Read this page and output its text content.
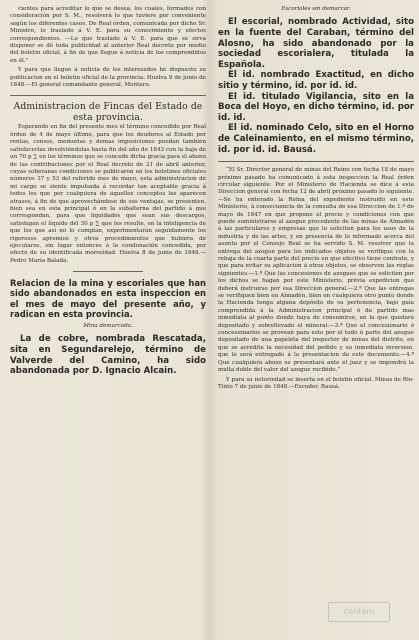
cientes para acreditar lo que se desea, los cuales, formados con consideración por S. M., resolverá lo que tuviere por conveniente según los diferentes casos. De Real órden, comunicada por dicho Sr. Ministro, lo traslado á V. E. para su conocimiento y efectos correspondientes. —Lo que traslado á V. E. para que se sirva disponer se dé toda publicidad al anterior Real decreto por medio del boletin oficial, á fin de que llegue á noticia de los comprendidos en él.”

Y para que llegue á noticia de los interesados he dispuesto su publicacion en el boletin oficial de la provincia. Huelva 9 de junio de 1848.—El general comandante general, Montero.

Administracion de Fincas del Estado de esta provincia.

Esperando en fin del presente mes el término concedido por Real órden de 4 de mayo último, para que los deudores al Estado por rentas, censos, memorias y demas imposiciones puedan también satisfacerlas devolviéndolas hasta fin del año de 1843 con la baja de un 70 p ∑ en los términos que se concede dicha gracia para el abono de las contribuciones por el Real decreto de 21 de abril anterior, cuyas soberanas condiciones se publicaron en los boletines oficiales números 37 y 53 del referido mes de mayo, esta administracion de mi cargo se siente impulsada á recordar tan aceptable gracia á todos los que por cualquiera de aquellos conceptos les aparecen atrasos, á fin de que aprovechándose de sus ventajas, se presenten, bien sea en esta principal ó en la subalterna del partido á que correspondan, para que liquidados que sean sus descargos, satisfagan el líquido del 30 p ∑ que les resulte, en la inteligencia de que los que así no lo cumplan, experimentarán seguidamente los rigorosos apremios y otros procedimientos que hubiera de ejecutarse, sin lugar entonces á la condonación concedida, por efecto de su identificada morosidad. Huelva 8 de junio de 1848.—Pedro Maria Balada.

Relacion de la mina y escoriales que han sido abandonados en esta inspeccion en el mes de mayo del presente año, y radican en esta provincia.
Mina demarcada.

La de cobre, nombrada Rescatada, sita en Segundarelejo, término de Valverde del Camino, ha sido abandonada por D. Ignacio Alcain.

Escoriales sin demarcar.

El escorial, nombrado Actividad, sito en la fuente del Caraban, término del Alosno, ha sido abandonado por la sociedad escorialera, titulada la Española.

El id. nombrado Exactitud, en dicho sitio y término, id. por id. id.

El id. titulado Vigilancia, sito en la Boca del Hoyo, en dicho término, id. por id. id.

El id. nominado Celo, sito en el Horno de Caleinamiento, en el mismo término, id. por id. id. Bausá.

“El Sr. Director general de minas del Reino con fecha 18 de mayo próximo pasado ha comunicado á esta inspeccion la Real órden circular siguiente: Por el Ministerio de Hacienda se dice á esta Direccion general con fecha 12 de abril próximo pasado lo siguiente.—Se ha enterado la Reina del expediente instruido en este Ministerio, á consecuencia de la consulta de esa Direccion de 1.º de mayo de 1847 en que propone el precio y condiciones con que puede suministrarse al azogue procedente de las minas de Almadén á las particulares y empresas que lo soliciten para los usos de la industria y de las artes, y en presencia de lo informado acerca del asunto por el Consejo Real se ha servido S. M. resolver que la entrega del azogue para los indicados objetos se verifique con la rebaja de la cuarta parte del precio en que efectivo tiene contrato, y que para evitar su aplicacion á otros objetos, se observen las reglas siguientes.—1.ª Que las concesiones de azogues que se soliciten por los dichos se hagan por este Ministerio, prévia expedicion que deberá instruirse por esa Direccion general.—2.ª Que las entregas se verifiquen bien en Almadén, bien en cualquiera otro punto donde la Hacienda tenga alguna depósito de su pertenencia, bajo guía comprendida á la Administracion principal ó de partido mas inmediata al punto donde haya de consumirse, en la que quedará depositado y sobrellevado el mineral.—3.ª Que el concesionario ó concesionarios se provean para esto por el todo ó parte del azogue depositado de una papeleta del inspector de minas del distrito, en que se acredite la necesidad del pedido y su inmediata inversion, que le será entregado á la presentacion de este documento.—4.ª Que cualquiera abuso se presentará ante el juez y se impondrá la multa doble del valor del azogue recibido.”

Y para su notoriedad se inserta en el boletin oficial. Minas de Rio-Tinto 7 de junio de 1848.—Escuder, Bausá.

contem
